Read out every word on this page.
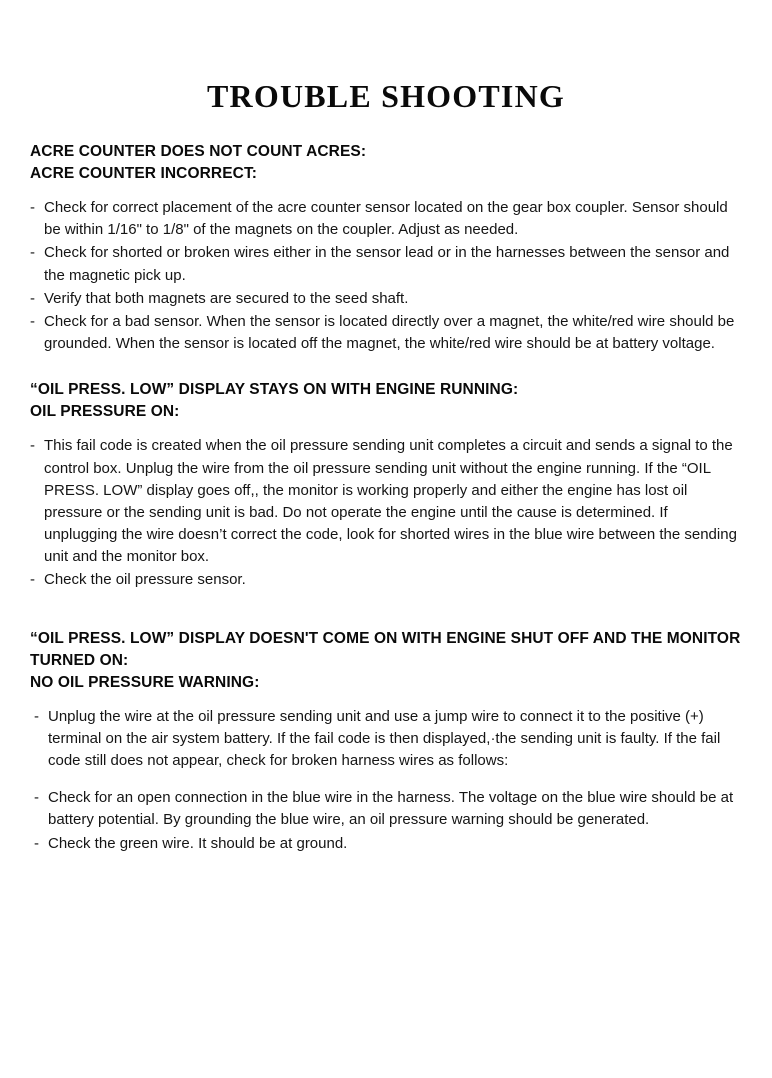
TROUBLE SHOOTING
ACRE COUNTER DOES NOT COUNT ACRES:
ACRE COUNTER INCORRECT:
- Check for correct placement of the acre counter sensor located on the gear box coupler. Sensor should be within 1/16" to 1/8" of the magnets on the coupler. Adjust as needed.
- Check for shorted or broken wires either in the sensor lead or in the harnesses between the sensor and the magnetic pick up.
- Verify that both magnets are secured to the seed shaft.
- Check for a bad sensor. When the sensor is located directly over a magnet, the white/red wire should be grounded. When the sensor is located off the magnet, the white/red wire should be at battery voltage.
“OIL PRESS. LOW” DISPLAY STAYS ON WITH ENGINE RUNNING:
OIL PRESSURE ON:
- This fail code is created when the oil pressure sending unit completes a circuit and sends a signal to the control box. Unplug the wire from the oil pressure sending unit without the engine running. If the “OIL PRESS. LOW” display goes off,, the monitor is working properly and either the engine has lost oil pressure or the sending unit is bad. Do not operate the engine until the cause is determined. If unplugging the wire doesn’t correct the code, look for shorted wires in the blue wire between the sending unit and the monitor box.
- Check the oil pressure sensor.
“OIL PRESS. LOW” DISPLAY DOESN'T COME ON WITH ENGINE SHUT OFF AND THE MONITOR TURNED ON:
NO OIL PRESSURE WARNING:
- Unplug the wire at the oil pressure sending unit and use a jump wire to connect it to the positive (+) terminal on the air system battery. If the fail code is then displayed,·the sending unit is faulty. If the fail code still does not appear, check for broken harness wires as follows:
- Check for an open connection in the blue wire in the harness. The voltage on the blue wire should be at battery potential. By grounding the blue wire, an oil pressure warning should be generated.
- Check the green wire. It should be at ground.
